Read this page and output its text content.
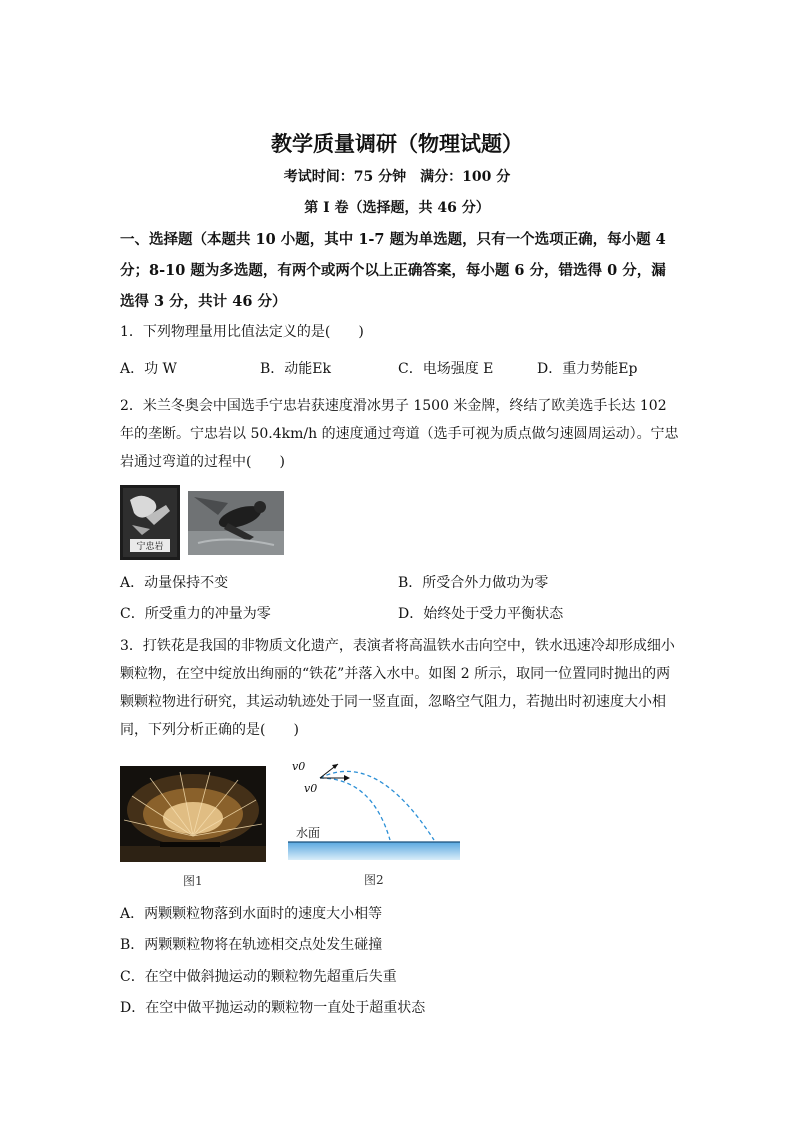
教学质量调研（物理试题）
考试时间：75 分钟　满分：100 分
第 I 卷（选择题，共 46 分）
一、选择题（本题共 10 小题，其中 1-7 题为单选题，只有一个选项正确，每小题 4 分；8-10 题为多选题，有两个或两个以上正确答案，每小题 6 分，错选得 0 分，漏选得 3 分，共计 46 分）
1．下列物理量用比值法定义的是(　　)
A．功 W	B．动能Ek	C．电场强度 E	D．重力势能Ep
2．米兰冬奥会中国选手宁忠岩获速度滑冰男子 1500 米金牌，终结了欧美选手长达 102 年的垄断。宁忠岩以 50.4km/h 的速度通过弯道（选手可视为质点做匀速圆周运动）。宁忠岩通过弯道的过程中(　　)
宁忠岩
A．动量保持不变	B．所受合外力做功为零
C．所受重力的冲量为零	D．始终处于受力平衡状态
3．打铁花是我国的非物质文化遗产，表演者将高温铁水击向空中，铁水迅速冷却形成细小颗粒物，在空中绽放出绚丽的“铁花”并落入水中。如图 2 所示，取同一位置同时抛出的两颗颗粒物进行研究，其运动轨迹处于同一竖直面，忽略空气阻力，若抛出时初速度大小相同，下列分析正确的是(　　)
图1
v0
v0
水面
图2
A．两颗颗粒物落到水面时的速度大小相等
B．两颗颗粒物将在轨迹相交点处发生碰撞
C．在空中做斜抛运动的颗粒物先超重后失重
D．在空中做平抛运动的颗粒物一直处于超重状态
